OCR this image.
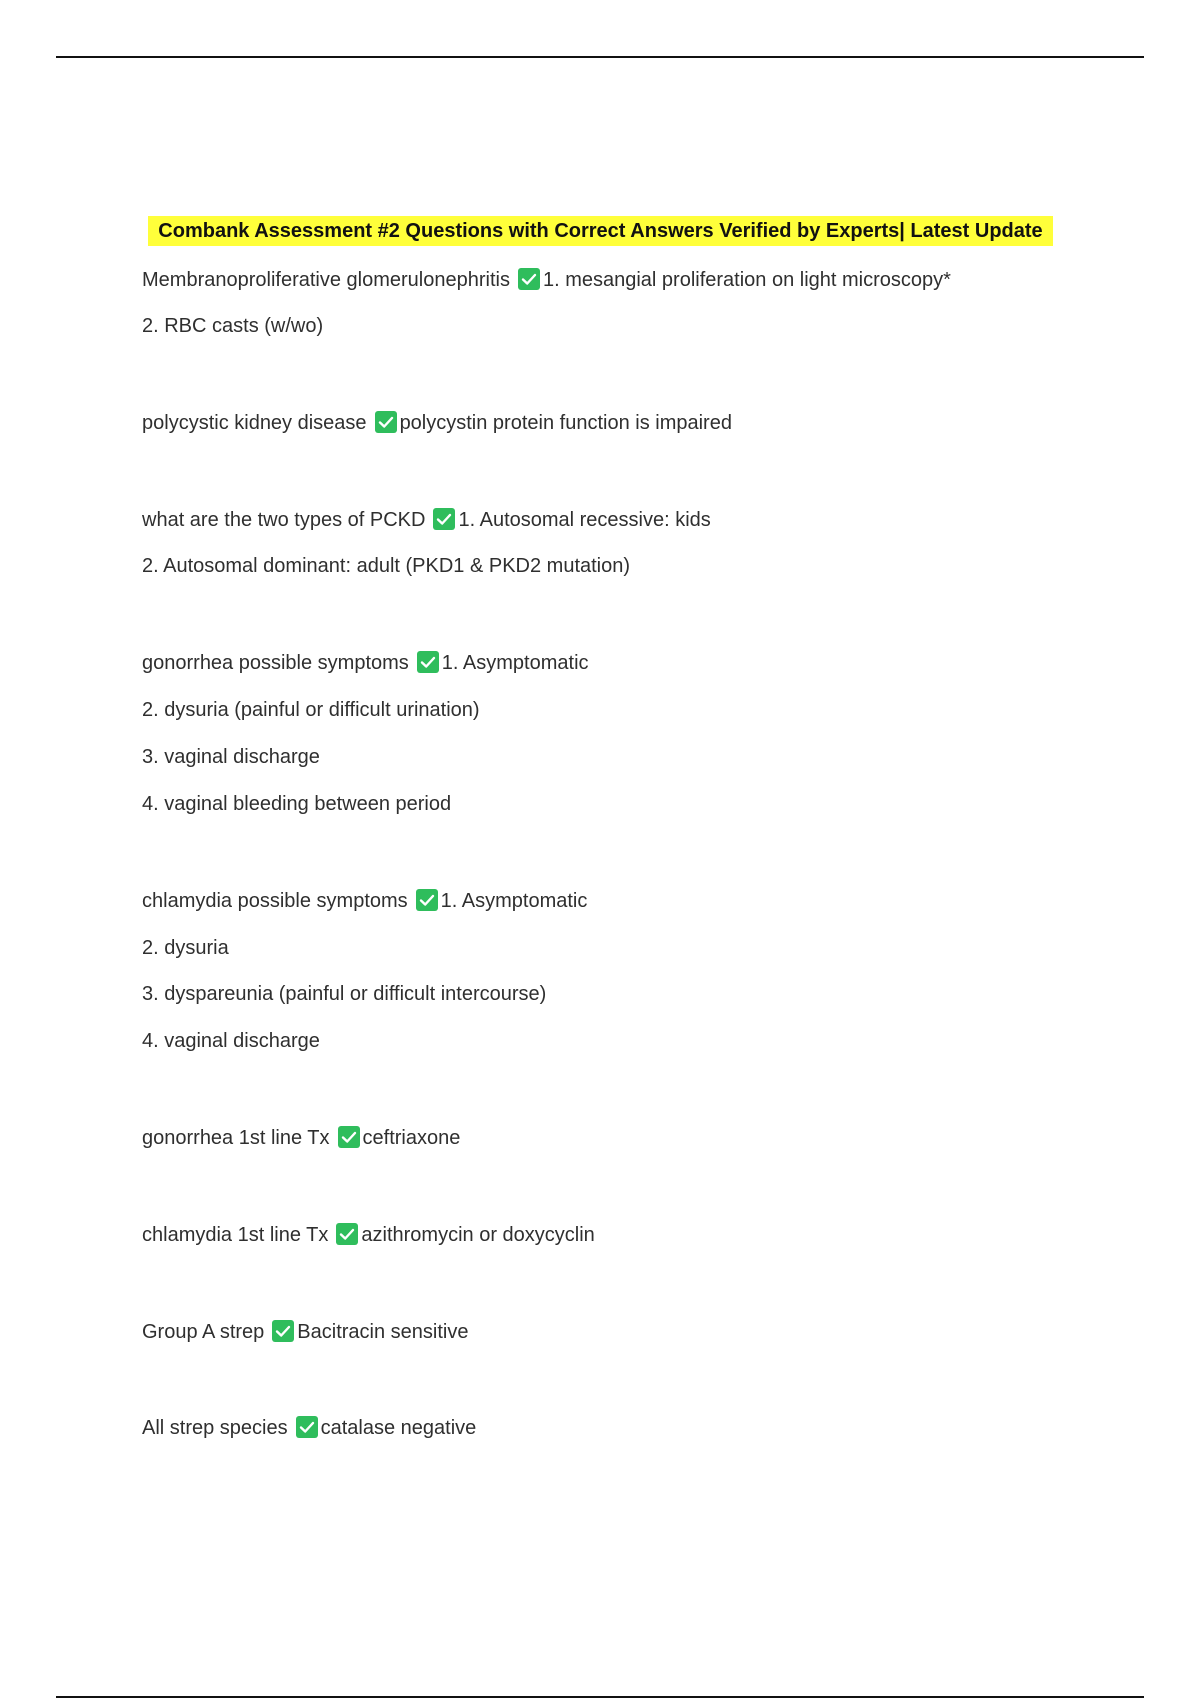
Combank Assessment #2 Questions with Correct Answers Verified by Experts| Latest Update
Membranoproliferative glomerulonephritis 1. mesangial proliferation on light microscopy*
2. RBC casts (w/wo)
polycystic kidney disease polycystin protein function is impaired
what are the two types of PCKD 1. Autosomal recessive: kids
2. Autosomal dominant: adult (PKD1 & PKD2 mutation)
gonorrhea possible symptoms 1. Asymptomatic
2. dysuria (painful or difficult urination)
3. vaginal discharge
4. vaginal bleeding between period
chlamydia possible symptoms 1. Asymptomatic
2. dysuria
3. dyspareunia (painful or difficult intercourse)
4. vaginal discharge
gonorrhea 1st line Tx ceftriaxone
chlamydia 1st line Tx azithromycin or doxycyclin
Group A strep Bacitracin sensitive
All strep species catalase negative
